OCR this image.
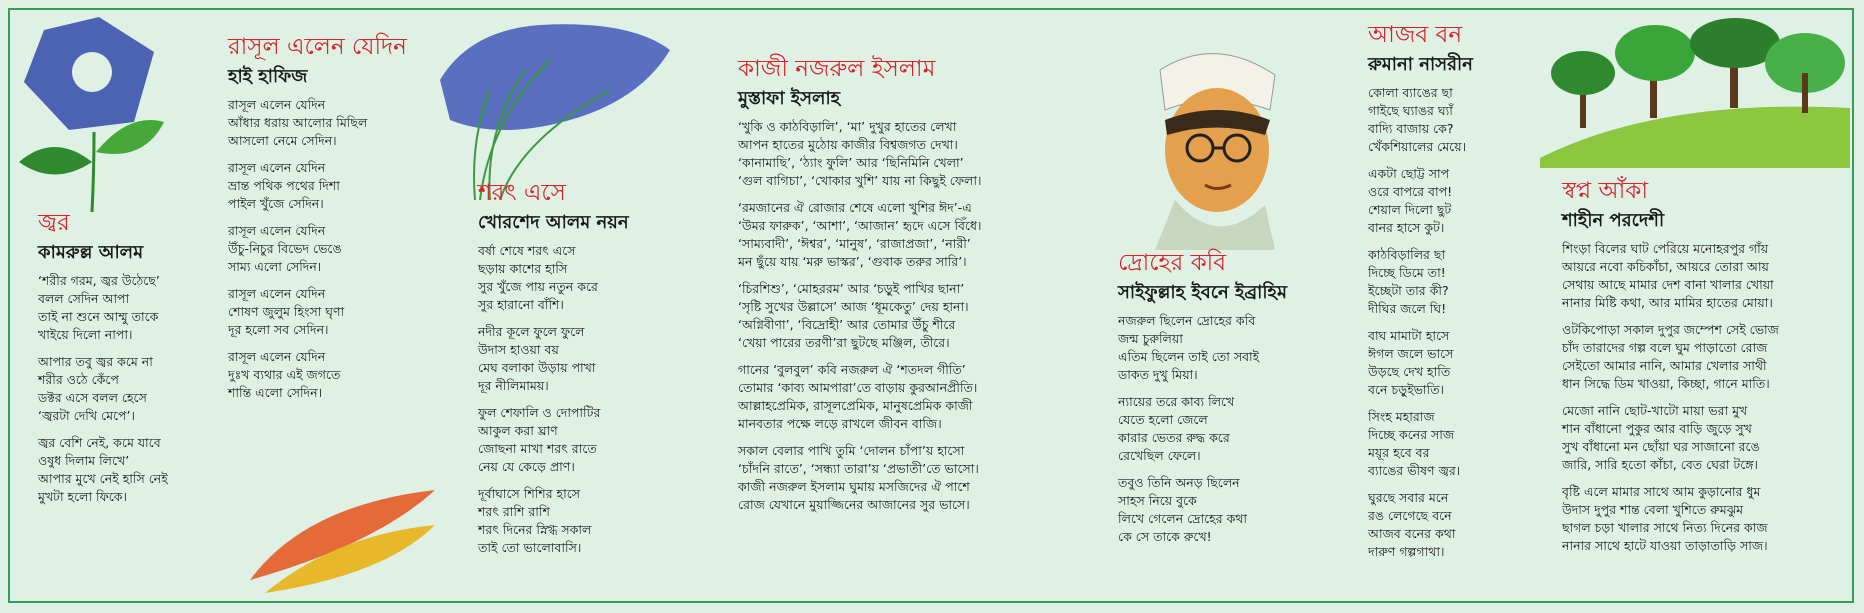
জ্বর
কামরুল্ল আলম
‘শরীর গরম, জ্বর উঠেছে’
বলল সেদিন আপা
তাই না শুনে আম্মু তাকে
খাইয়ে দিলো নাপা।
আপার তবু জ্বর কমে না
শরীর ওঠে কেঁপে
ডক্টর এসে বলল হেসে
‘জ্বরটা দেখি মেপে’।
জ্বর বেশি নেই, কমে যাবে
ওষুধ দিলাম লিখে’
আপার মুখে নেই হাসি নেই
মুখটা হলো ফিকে।
রাসূল এলেন যেদিন
হাই হাফিজ
রাসূল এলেন যেদিন
আঁধার ধরায় আলোর মিছিল
আসলো নেমে সেদিন।
রাসূল এলেন যেদিন
ভ্রান্ত পথিক পথের দিশা
পাইল খুঁজে সেদিন।
রাসূল এলেন যেদিন
উঁচু-নিচুর বিভেদ ভেঙে
সাম্য এলো সেদিন।
রাসূল এলেন যেদিন
শোষণ জুলুম হিংসা ঘৃণা
দূর হলো সব সেদিন।
রাসূল এলেন যেদিন
দুঃখ ব্যথার এই জগতে
শান্তি এলো সেদিন।
শরৎ এসে
খোরশেদ আলম নয়ন
বর্ষা শেষে শরৎ এসে
ছড়ায় কাশের হাসি
সুর খুঁজে পায় নতুন করে
সুর হারানো বাঁশি।
নদীর কূলে ফুলে ফুলে
উদাস হাওয়া বয়
মেঘ বলাকা উড়ায় পাখা
দূর নীলিমাময়।
ফুল শেফালি ও দোপাটির
আকুল করা ঘ্রাণ
জোছনা মাখা শরৎ রাতে
নেয় যে কেড়ে প্রাণ।
দূর্বাঘাসে শিশির হাসে
শরৎ রাশি রাশি
শরৎ দিনের স্নিগ্ধ সকাল
তাই তো ভালোবাসি।
কাজী নজরুল ইসলাম
মুস্তাফা ইসলাহ
‘খুকি ও কাঠবিড়ালি’, ‘মা’ দুখুর হাতের লেখা
আপন হাতের মুঠোয় কাজীর বিশ্বজগত দেখা।
‘কানামাছি’, ‘ঠ্যাং ফুলি’ আর ‘ছিনিমিনি খেলা’
‘গুল বাগিচা’, ‘খোকার খুশি’ যায় না কিছুই ফেলা।
‘রমজানের ঐ রোজার শেষে এলো খুশির ঈদ’-এ
‘উমর ফারুক’, ‘আশা’, ‘আজান’ হৃদে এসে বিঁধে।
‘সাম্যবাদী’, ‘ঈশ্বর’, ‘মানুষ’, ‘রাজাপ্রজা’, ‘নারী’
মন ছুঁয়ে যায় ‘মরু ভাস্কর’, ‘গুবাক তরুর সারি’।
‘চিরশিশু’, ‘মোহররম’ আর ‘চড়ুই পাখির ছানা’
‘সৃষ্টি সুখের উল্লাসে’ আজ ‘ধূমকেতু’ দেয় হানা।
‘অগ্নিবীণা’, ‘বিদ্রোহী’ আর তোমার উঁচু শীরে
‘খেয়া পারের তরণী’রা ছুটছে মঞ্জিল, তীরে।
গানের ‘বুলবুল’ কবি নজরুল ঐ ‘শতদল গীতি’
তোমার ‘কাব্য আমপারা’তে বাড়ায় কুরআনপ্রীতি।
আল্লাহপ্রেমিক, রাসূলপ্রেমিক, মানুষপ্রেমিক কাজী
মানবতার পক্ষে লড়ে রাখলে জীবন বাজি।
সকাল বেলার পাখি তুমি ‘দোলন চাঁপা’য় হাসো
‘চাঁদনি রাতে’, ‘সন্ধ্যা তারা’য় ‘প্রভাতী’তে ভাসো।
কাজী নজরুল ইসলাম ঘুমায় মসজিদের ঐ পাশে
রোজ যেখানে মুয়াজ্জিনের আজানের সুর ভাসে।
দ্রোহের কবি
সাইফুল্লাহ ইবনে ইব্রাহিম
নজরুল ছিলেন দ্রোহের কবি
জন্ম চুরুলিয়া
এতিম ছিলেন তাই তো সবাই
ডাকত দুখু মিয়া।
ন্যায়ের তরে কাব্য লিখে
যেতে হলো জেলে
কারার ভেতর রুদ্ধ করে
রেখেছিল ফেলে।
তবুও তিনি অনড় ছিলেন
সাহস নিয়ে বুকে
লিখে গেলেন দ্রোহের কথা
কে সে তাকে রুখে!
আজব বন
রুমানা নাসরীন
কোলা ব্যাঙের ছা
গাইছে ঘ্যাঙর ঘ্যাঁ
বাদ্যি বাজায় কে?
খেঁকশিয়ালের মেয়ে।
একটা ছোট্ট সাপ
ওরে বাপরে বাপ!
শেয়াল দিলো ছুট
বানর হাসে কুট।
কাঠবিড়ালির ছা
দিচ্ছে ডিমে তা!
ইচ্ছেটা তার কী?
দীঘির জলে ঘি!
বাঘ মামাটা হাসে
ঈগল জলে ভাসে
উড়ছে দেখ হাতি
বনে চড়ুইভাতি।
সিংহ মহারাজ
দিচ্ছে কনের সাজ
ময়ূর হবে বর
ব্যাঙের ভীষণ জ্বর।
ঘুরছে সবার মনে
রঙ লেগেছে বনে
আজব বনের কথা
দারুণ গল্পগাথা।
স্বপ্ন আঁকা
শাহীন পরদেশী
শিংড়া বিলের ঘাট পেরিয়ে মনোহরপুর গাঁয়
আয়রে নবো কচিকাঁচা, আয়রে তোরা আয়
সেথায় আছে মামার দেশ বানা খালার খোয়া
নানার মিষ্টি কথা, আর মামির হাতের মোয়া।
ওটকিপোড়া সকাল দুপুর জম্পেশ সেই ভোজ
চাঁদ তারাদের গল্প বলে ঘুম পাড়াতো রোজ
সেইতো আমার নানি, আমার খেলার সাথী
ধান সিদ্ধে ডিম খাওয়া, কিচ্ছা, গানে মাতি।
মেজো নানি ছোট-খাটো মায়া ভরা মুখ
শান বাঁধানো পুকুর আর বাড়ি জুড়ে সুখ
সুখ বাঁধানো মন ছোঁয়া ঘর সাজানো রঙে
জারি, সারি হতো কাঁচা, বেত ঘেরা টঙ্গে।
বৃষ্টি এলে মামার সাথে আম কুড়ানোর ধুম
উদাস দুপুর শান্ত বেলা খুশিতে রুমঝুম
ছাগল চড়া খালার সাথে নিত্য দিনের কাজ
নানার সাথে হাটে যাওয়া তাড়াতাড়ি সাজ।
